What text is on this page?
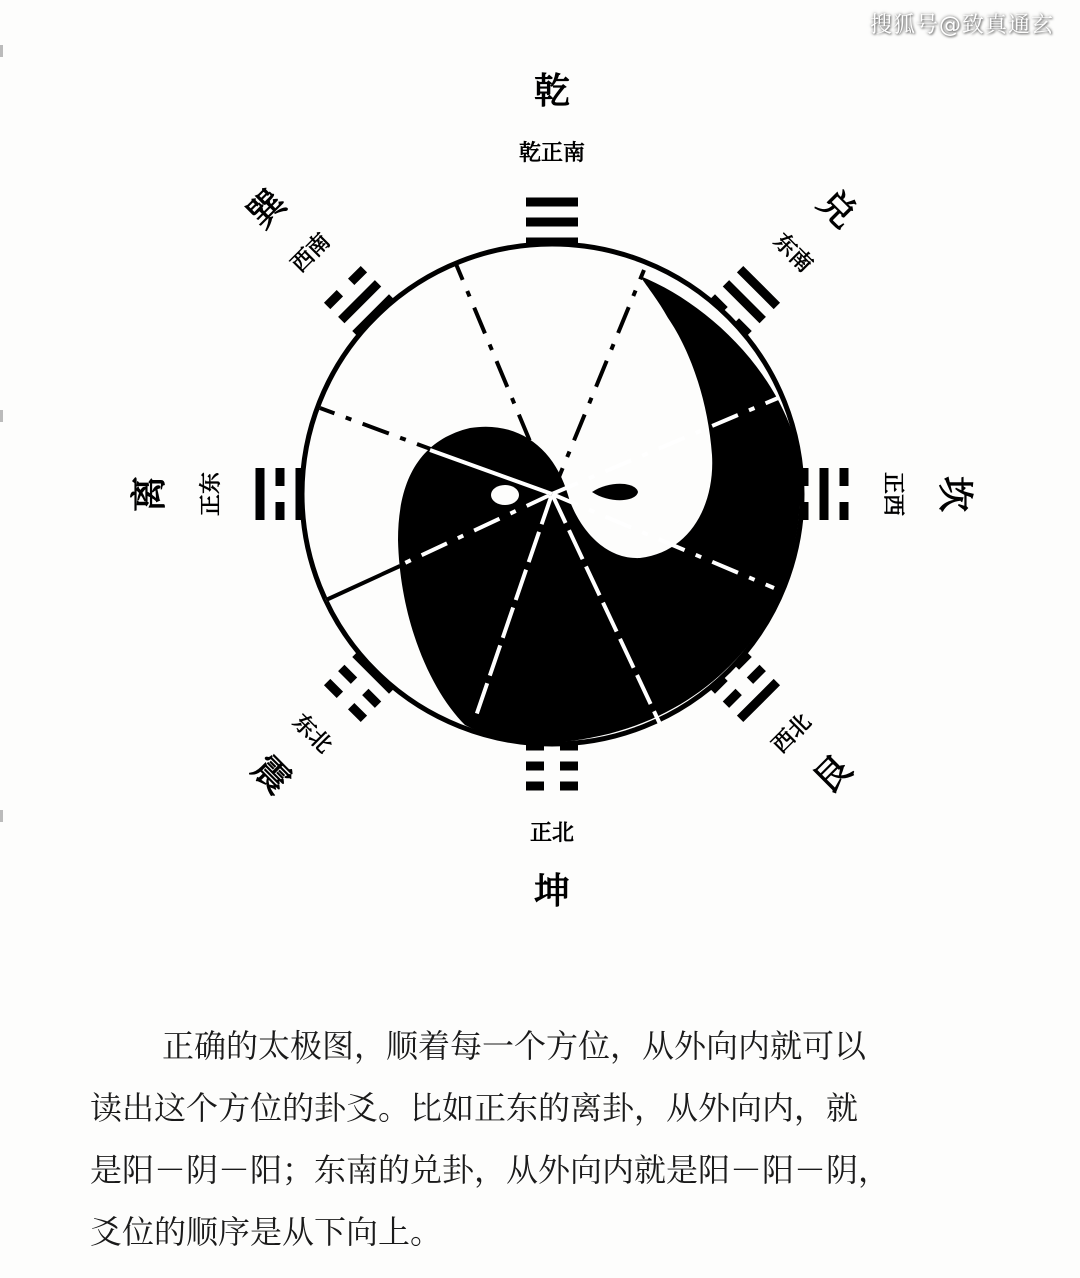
搜狐号@致真通玄
乾正南
乾
东南
兑
正西 坎
西北
艮
正北
坤
东北
震
正东
离
西南
巽
正确的太极图，顺着每一个方位，从外向内就可以
读出这个方位的卦爻。比如正东的离卦，从外向内，就
是阳－阴－阳；东南的兑卦，从外向内就是阳－阳－阴，
爻位的顺序是从下向上。
